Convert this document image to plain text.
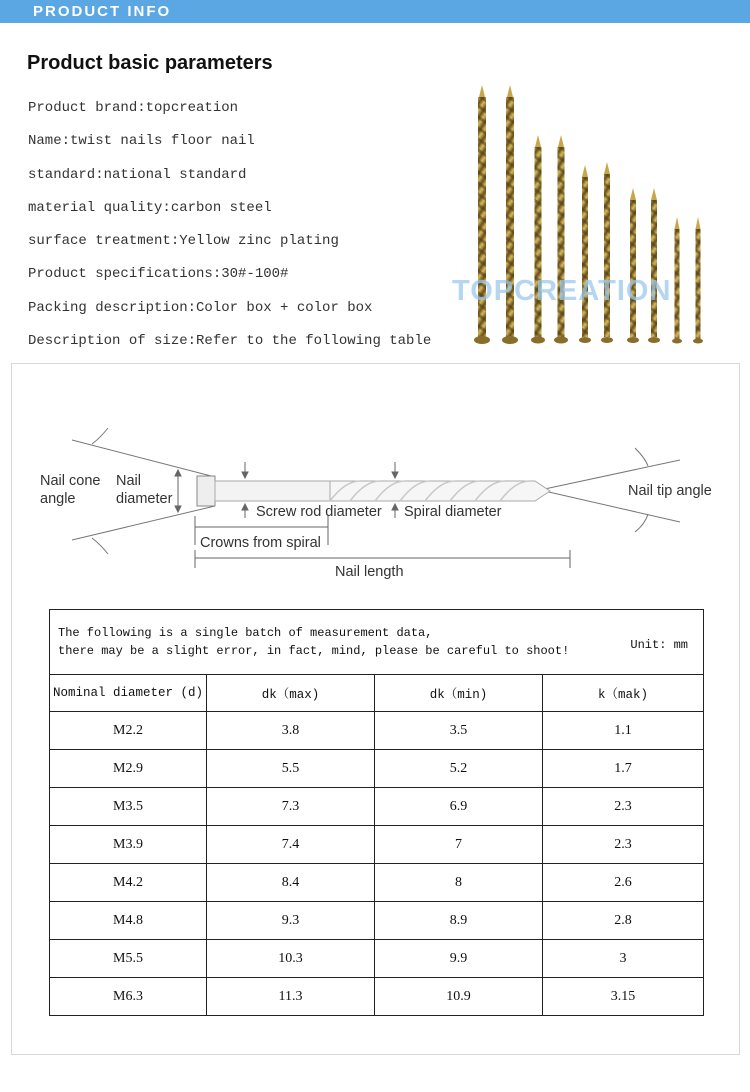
PRODUCT INFO
Product basic parameters
Product brand:topcreation
Name:twist nails floor nail
standard:national standard
material quality:carbon steel
surface treatment:Yellow zinc plating
Product specifications:30#-100#
Packing description:Color box + color box
Description of size:Refer to the following table
TOPCREATION
Nail cone
angle
Nail
diameter
Screw rod diameter Spiral diameter
Nail tip angle
Crowns from spiral
Nail length
The following is a single batch of measurement data,
there may be a slight error, in fact, mind, please be careful to shoot! Unit: mm			

Nominal diameter (d)	dk（max)	dk（min)	k（mak)
M2.2	3.8	3.5	1.1
M2.9	5.5	5.2	1.7
M3.5	7.3	6.9	2.3
M3.9	7.4	7	2.3
M4.2	8.4	8	2.6
M4.8	9.3	8.9	2.8
M5.5	10.3	9.9	3
M6.3	11.3	10.9	3.15
